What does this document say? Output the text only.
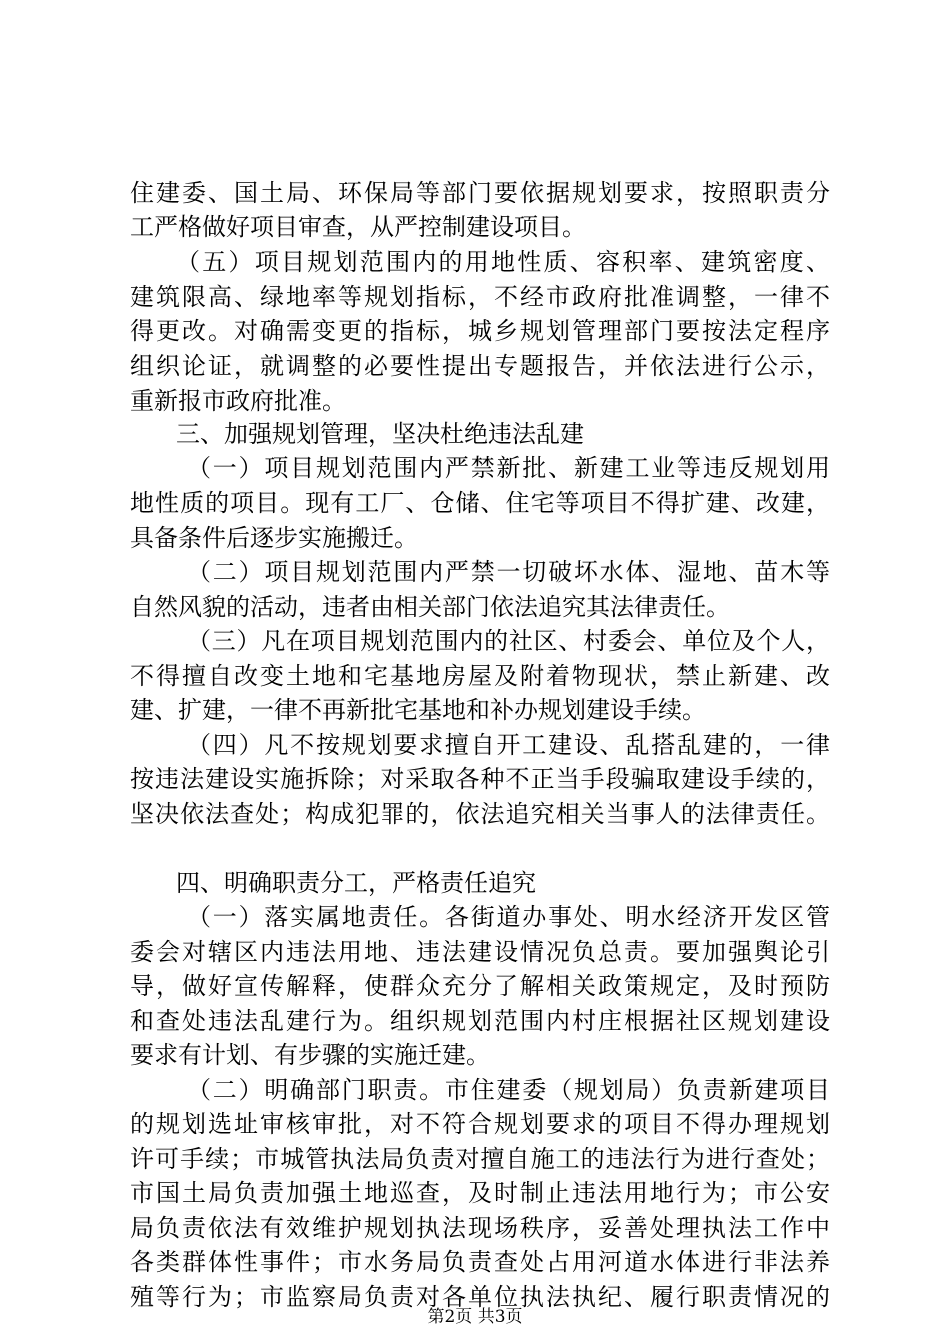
住建委、国土局、环保局等部门要依据规划要求，按照职责分
工严格做好项目审查，从严控制建设项目。
（五）项目规划范围内的用地性质、容积率、建筑密度、
建筑限高、绿地率等规划指标，不经市政府批准调整，一律不
得更改。对确需变更的指标，城乡规划管理部门要按法定程序
组织论证，就调整的必要性提出专题报告，并依法进行公示，
重新报市政府批准。
三、加强规划管理，坚决杜绝违法乱建
（一）项目规划范围内严禁新批、新建工业等违反规划用
地性质的项目。现有工厂、仓储、住宅等项目不得扩建、改建，
具备条件后逐步实施搬迁。
（二）项目规划范围内严禁一切破坏水体、湿地、苗木等
自然风貌的活动，违者由相关部门依法追究其法律责任。
（三）凡在项目规划范围内的社区、村委会、单位及个人，
不得擅自改变土地和宅基地房屋及附着物现状，禁止新建、改
建、扩建，一律不再新批宅基地和补办规划建设手续。
（四）凡不按规划要求擅自开工建设、乱搭乱建的，一律
按违法建设实施拆除；对采取各种不正当手段骗取建设手续的，
坚决依法查处；构成犯罪的，依法追究相关当事人的法律责任。
四、明确职责分工，严格责任追究
（一）落实属地责任。各街道办事处、明水经济开发区管
委会对辖区内违法用地、违法建设情况负总责。要加强舆论引
导，做好宣传解释，使群众充分了解相关政策规定，及时预防
和查处违法乱建行为。组织规划范围内村庄根据社区规划建设
要求有计划、有步骤的实施迁建。
（二）明确部门职责。市住建委（规划局）负责新建项目
的规划选址审核审批，对不符合规划要求的项目不得办理规划
许可手续；市城管执法局负责对擅自施工的违法行为进行查处；
市国土局负责加强土地巡查，及时制止违法用地行为；市公安
局负责依法有效维护规划执法现场秩序，妥善处理执法工作中
各类群体性事件；市水务局负责查处占用河道水体进行非法养
殖等行为；市监察局负责对各单位执法执纪、履行职责情况的
第2页 共3页
